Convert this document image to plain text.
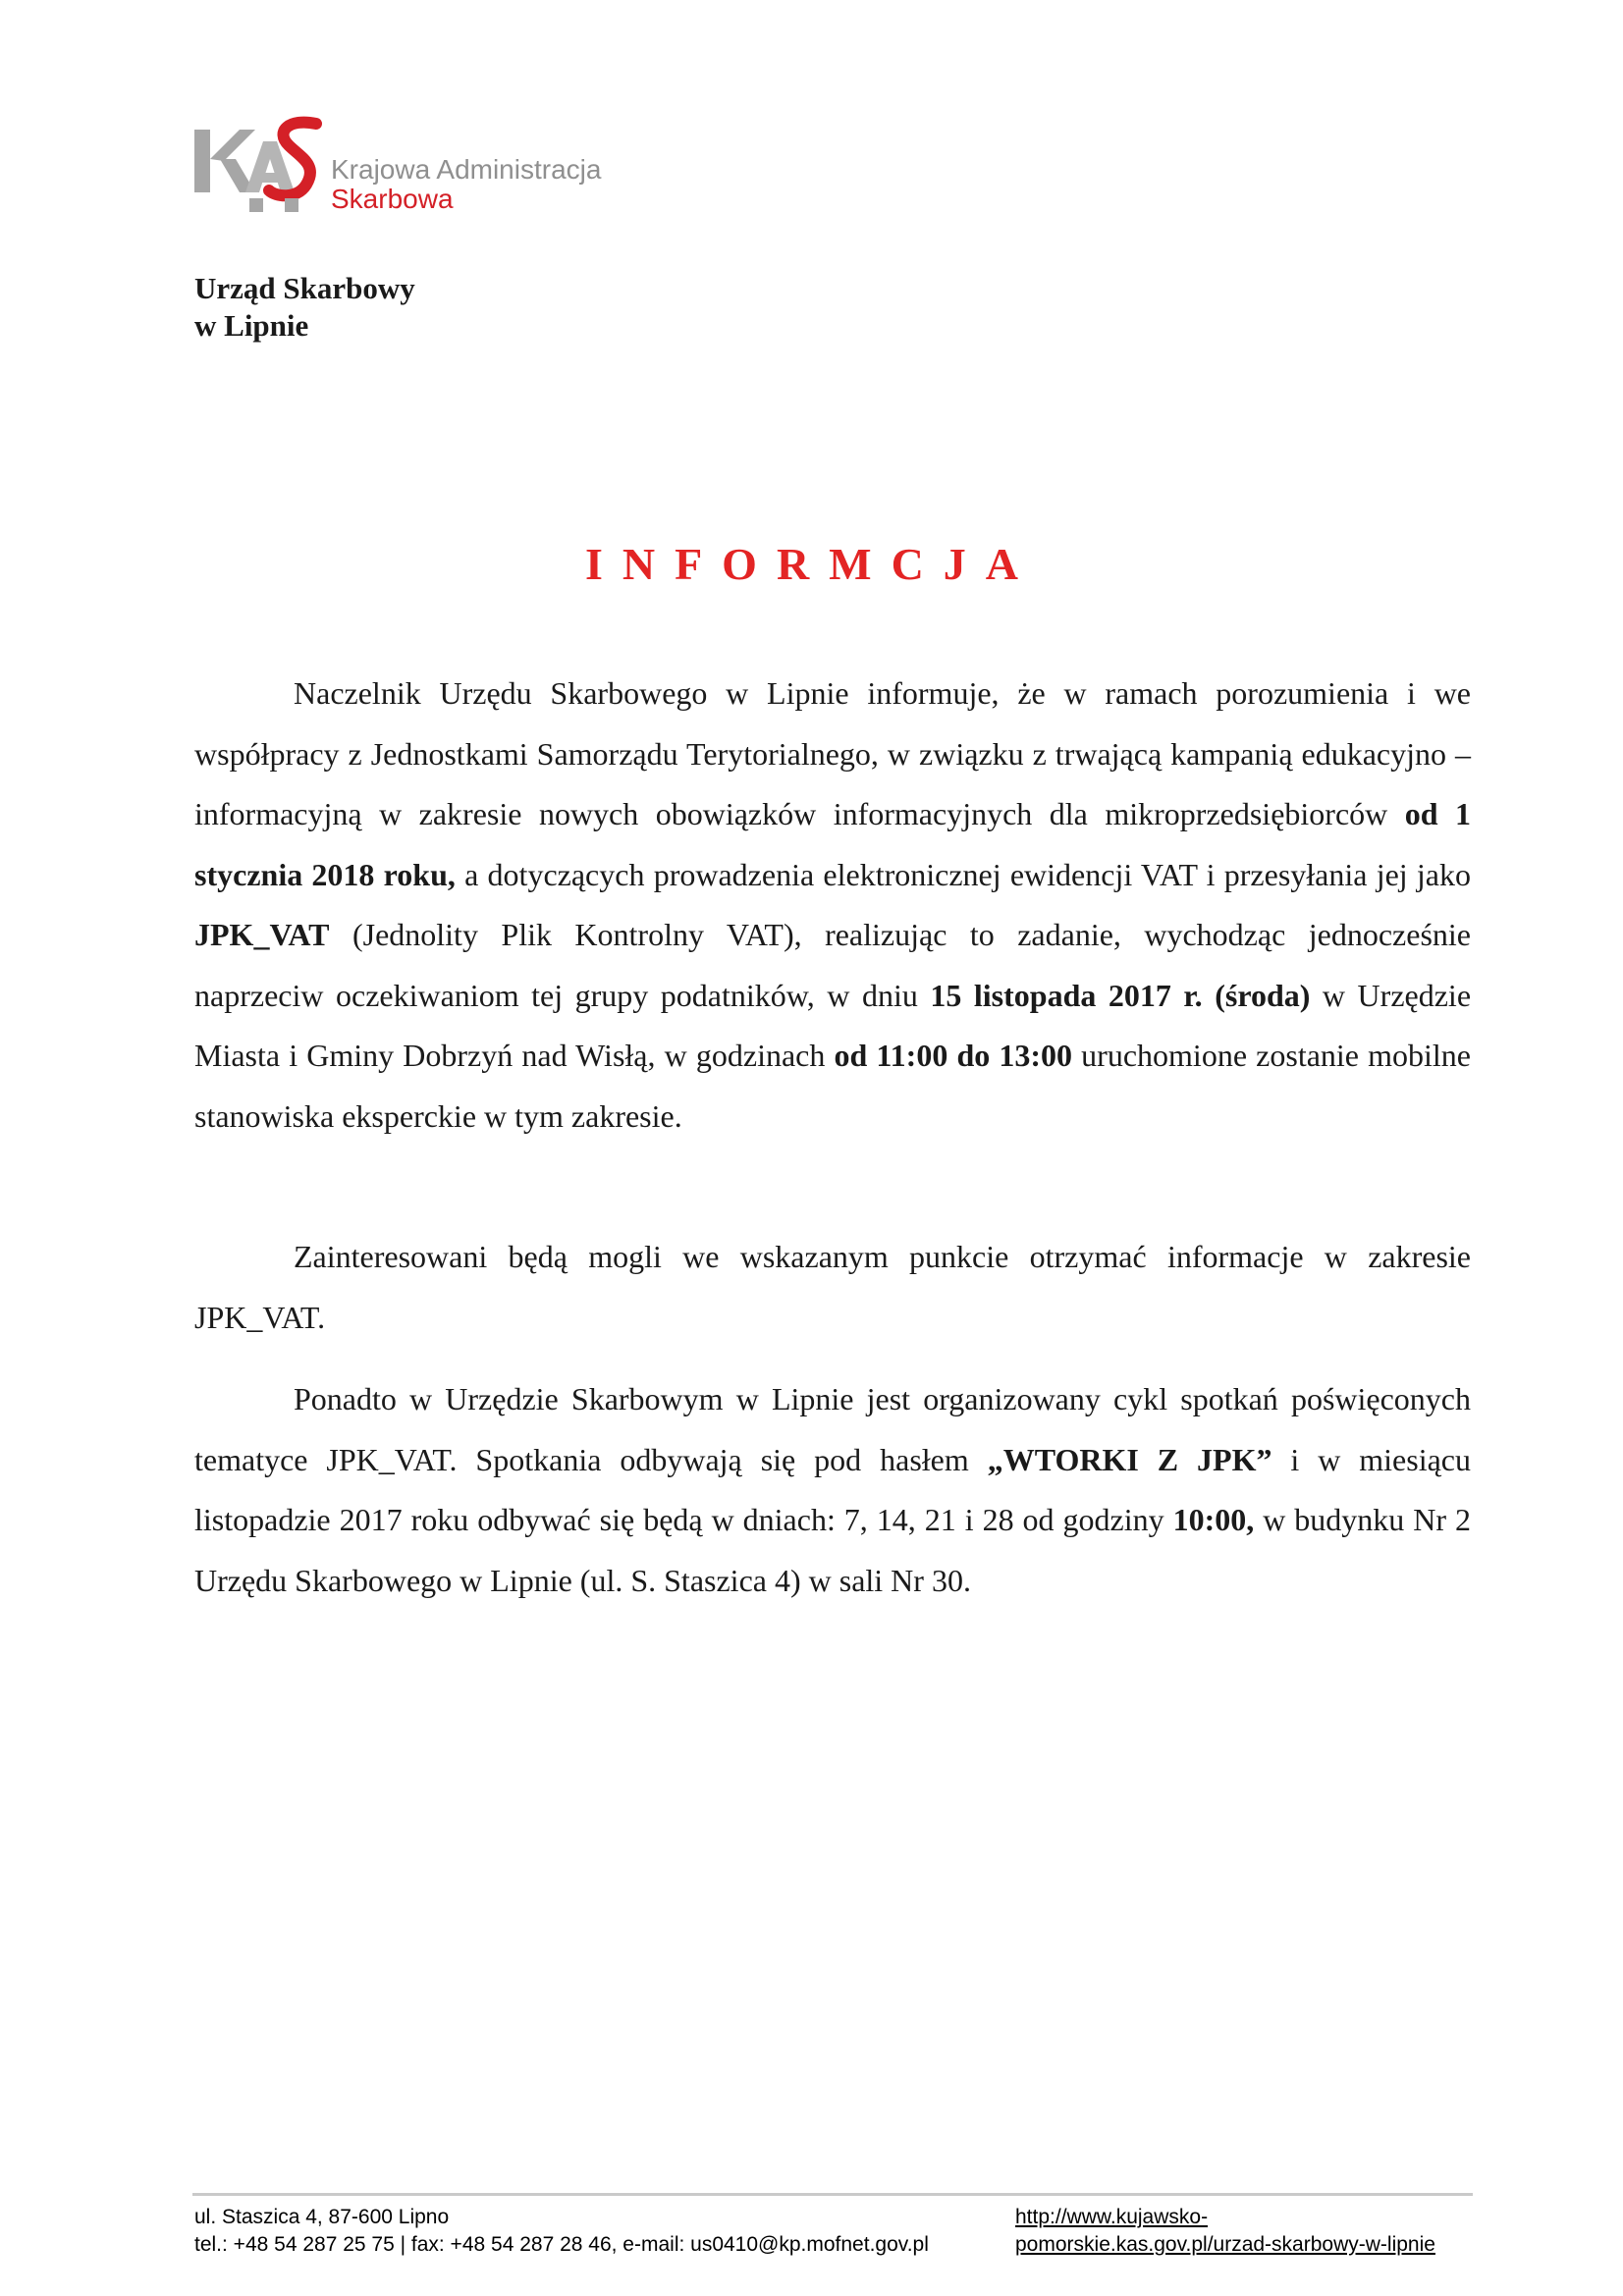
Krajowa Administracja
Skarbowa
Urząd Skarbowy
w Lipnie
INFORMCJA

Naczelnik Urzędu Skarbowego w Lipnie informuje, że w ramach porozumienia i we współpracy z Jednostkami Samorządu Terytorialnego, w związku z trwającą kampanią edukacyjno – informacyjną w zakresie nowych obowiązków informacyjnych dla mikroprzedsiębiorców od 1 stycznia 2018 roku, a dotyczących prowadzenia elektronicznej ewidencji VAT i przesyłania jej jako JPK_VAT (Jednolity Plik Kontrolny VAT), realizując to zadanie, wychodząc jednocześnie naprzeciw oczekiwaniom tej grupy podatników, w dniu 15 listopada 2017 r. (środa) w Urzędzie Miasta i Gminy Dobrzyń nad Wisłą, w godzinach od 11:00 do 13:00 uruchomione zostanie mobilne stanowiska eksperckie w tym zakresie.

Zainteresowani będą mogli we wskazanym punkcie otrzymać informacje w zakresie JPK_VAT.

Ponadto w Urzędzie Skarbowym w Lipnie jest organizowany cykl spotkań poświęconych tematyce JPK_VAT. Spotkania odbywają się pod hasłem „WTORKI Z JPK” i w miesiącu listopadzie 2017 roku odbywać się będą w dniach: 7, 14, 21 i 28 od godziny 10:00, w budynku Nr 2 Urzędu Skarbowego w Lipnie (ul. S. Staszica 4) w sali Nr 30.

ul. Staszica 4, 87-600 Lipno
tel.: +48 54 287 25 75 | fax: +48 54 287 28 46, e-mail: us0410@kp.mofnet.gov.pl
http://www.kujawsko-
pomorskie.kas.gov.pl/urzad-skarbowy-w-lipnie
